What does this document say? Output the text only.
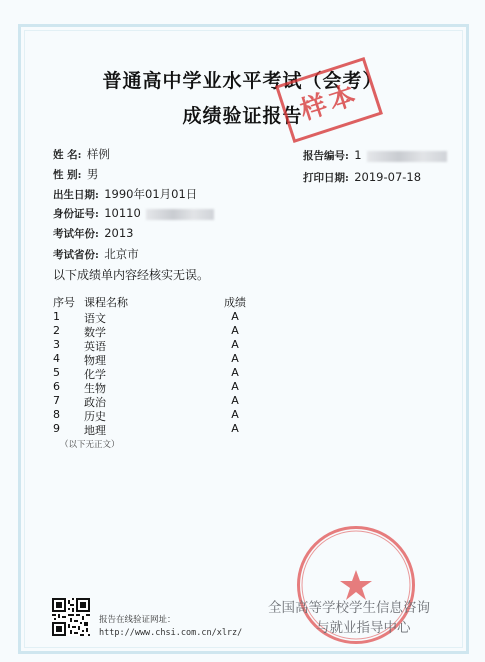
普通高中学业水平考试（会考）
成绩验证报告
样本
姓 名: 样例
性 别: 男
出生日期: 1990年01月01日
身份证号: 10110
考试年份: 2013
考试省份: 北京市
报告编号: 1
打印日期: 2019-07-18
以下成绩单内容经核实无误。
序号 课程名称	成绩
1 语文	A
2 数学	A
3 英语	A
4 物理	A
5 化学	A
6 生物	A
7 政治	A
8 历史	A
9 地理	A
（以下无正文）
全国高等学校学生信息咨询
与就业指导中心
报告在线验证网址：
http://www.chsi.com.cn/xlrz/
